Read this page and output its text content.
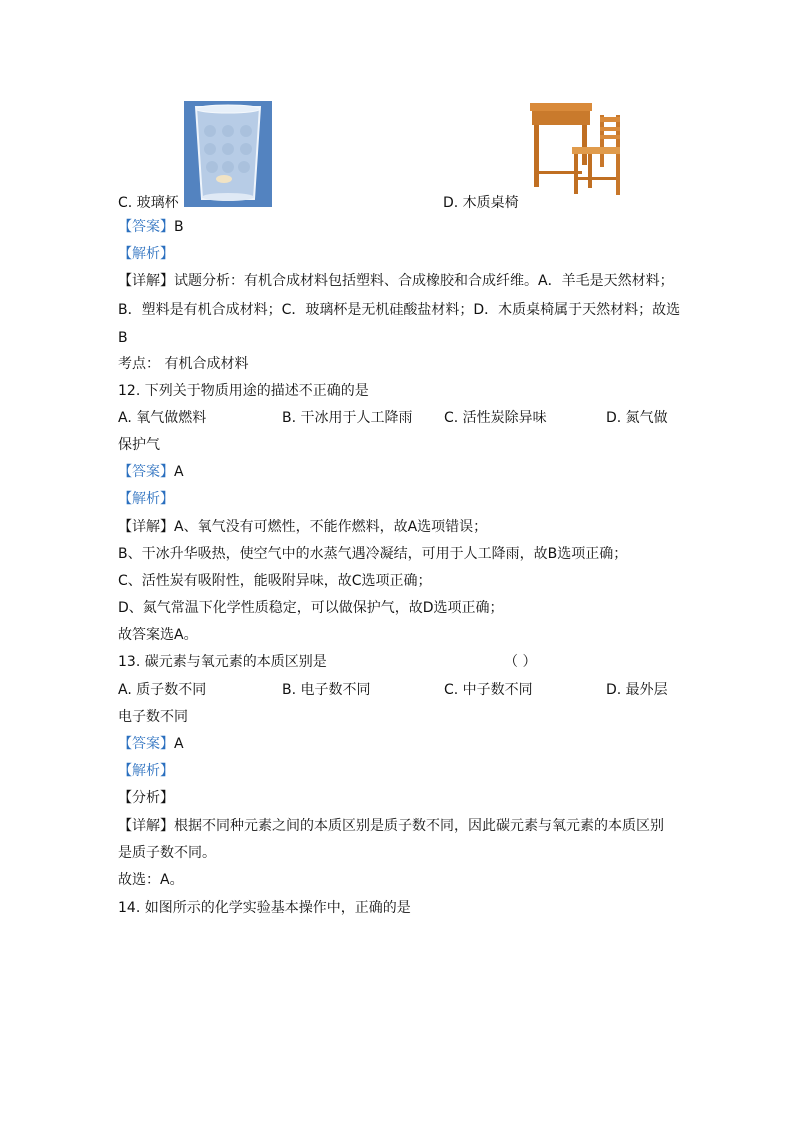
C. 玻璃杯	D. 木质桌椅
【答案】B
【解析】
【详解】试题分析：有机合成材料包括塑料、合成橡胶和合成纤维。A．羊毛是天然材料；
B．塑料是有机合成材料；C．玻璃杯是无机硅酸盐材料；D．木质桌椅属于天然材料；故选
B
考点： 有机合成材料
12. 下列关于物质用途的描述不正确的是
A. 氧气做燃料	B. 干冰用于人工降雨 C. 活性炭除异味	D. 氮气做
保护气
【答案】A
【解析】
【详解】A、氧气没有可燃性，不能作燃料，故A选项错误；
B、干冰升华吸热，使空气中的水蒸气遇冷凝结，可用于人工降雨，故B选项正确；
C、活性炭有吸附性，能吸附异味，故C选项正确；
D、氮气常温下化学性质稳定，可以做保护气，故D选项正确；
故答案选A。
13. 碳元素与氧元素的本质区别是	（ ）
A. 质子数不同	B. 电子数不同	C. 中子数不同	D. 最外层
电子数不同
【答案】A
【解析】
【分析】
【详解】根据不同种元素之间的本质区别是质子数不同，因此碳元素与氧元素的本质区别
是质子数不同。
故选：A。
14. 如图所示的化学实验基本操作中，正确的是
